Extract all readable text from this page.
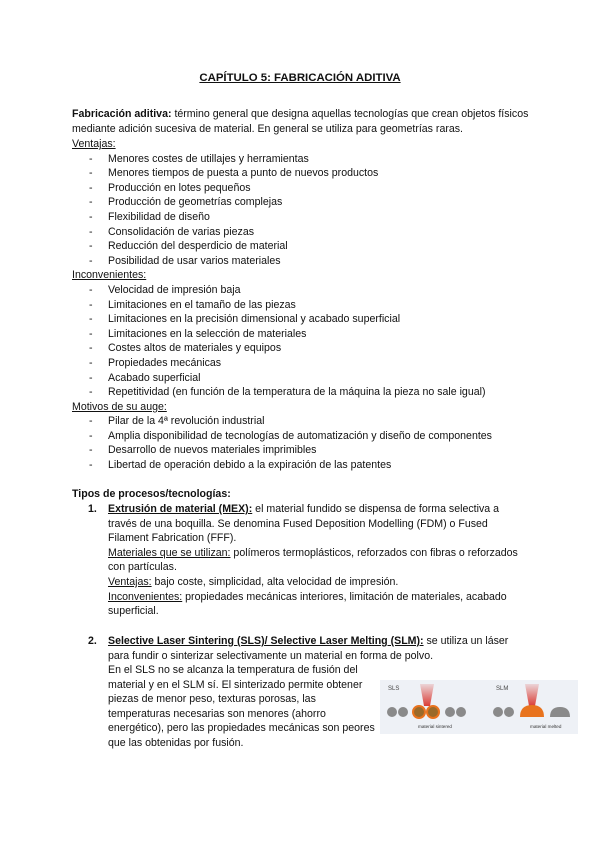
CAPÍTULO 5: FABRICACIÓN ADITIVA
Fabricación aditiva: término general que designa aquellas tecnologías que crean objetos físicos mediante adición sucesiva de material. En general se utiliza para geometrías raras.
Ventajas:
- Menores costes de utillajes y herramientas
- Menores tiempos de puesta a punto de nuevos productos
- Producción en lotes pequeños
- Producción de geometrías complejas
- Flexibilidad de diseño
- Consolidación de varias piezas
- Reducción del desperdicio de material
- Posibilidad de usar varios materiales
Inconvenientes:
- Velocidad de impresión baja
- Limitaciones en el tamaño de las piezas
- Limitaciones en la precisión dimensional y acabado superficial
- Limitaciones en la selección de materiales
- Costes altos de materiales y equipos
- Propiedades mecánicas
- Acabado superficial
- Repetitividad (en función de la temperatura de la máquina la pieza no sale igual)
Motivos de su auge:
- Pilar de la 4ª revolución industrial
- Amplia disponibilidad de tecnologías de automatización y diseño de componentes
- Desarrollo de nuevos materiales imprimibles
- Libertad de operación debido a la expiración de las patentes
Tipos de procesos/tecnologías:
1. Extrusión de material (MEX): el material fundido se dispensa de forma selectiva a través de una boquilla. Se denomina Fused Deposition Modelling (FDM) o Fused Filament Fabrication (FFF).
Materiales que se utilizan: polímeros termoplásticos, reforzados con fibras o reforzados con partículas.
Ventajas: bajo coste, simplicidad, alta velocidad de impresión.
Inconvenientes: propiedades mecánicas interiores, limitación de materiales, acabado superficial.
2. Selective Laser Sintering (SLS)/ Selective Laser Melting (SLM): se utiliza un láser para fundir o sinterizar selectivamente un material en forma de polvo.
En el SLS no se alcanza la temperatura de fusión del material y en el SLM sí. El sinterizado permite obtener piezas de menor peso, texturas porosas, las temperaturas necesarias son menores (ahorro energético), pero las propiedades mecánicas son peores que las obtenidas por fusión.
SLS	SLM
material sintered	material melted
